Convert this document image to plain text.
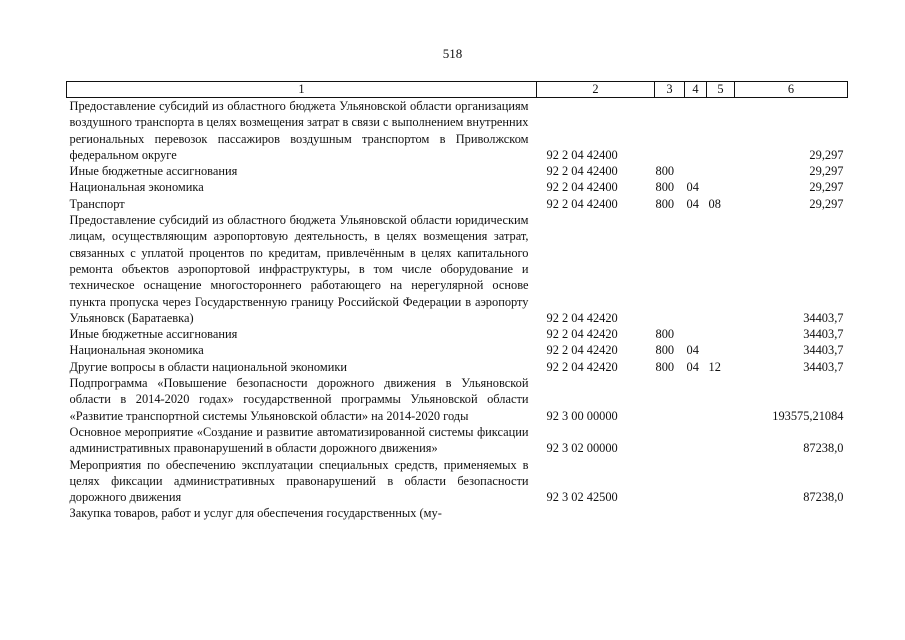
518
1	2	3	4	5	6
Предоставление субсидий из областного бюджета Ульяновской области организациям воздушного транспорта в целях возмещения затрат в связи с выполнением внутренних региональных перевозок пассажиров воздушным транспортом в Приволжском федеральном округе	92 2 04 42400				29,297
Иные бюджетные ассигнования	92 2 04 42400	800			29,297
Национальная экономика	92 2 04 42400	800	04		29,297
Транспорт	92 2 04 42400	800	04	08	29,297
Предоставление субсидий из областного бюджета Ульяновской области юридическим лицам, осуществляющим аэропортовую деятельность, в целях возмещения затрат, связанных с уплатой процентов по кредитам, привлечённым в целях капитального ремонта объектов аэропортовой инфраструктуры, в том числе оборудование и техническое оснащение многостороннего работающего на нерегулярной основе пункта пропуска через Государственную границу Российской Федерации в аэропорту Ульяновск (Баратаевка)	92 2 04 42420				34403,7
Иные бюджетные ассигнования	92 2 04 42420	800			34403,7
Национальная экономика	92 2 04 42420	800	04		34403,7
Другие вопросы в области национальной экономики	92 2 04 42420	800	04	12	34403,7
Подпрограмма «Повышение безопасности дорожного движения в Ульяновской области в 2014-2020 годах» государственной программы Ульяновской области «Развитие транспортной системы Ульяновской области» на 2014-2020 годы	92 3 00 00000				193575,21084
Основное мероприятие «Создание и развитие автоматизированной системы фиксации административных правонарушений в области дорожного движения»	92 3 02 00000				87238,0
Мероприятия по обеспечению эксплуатации специальных средств, применяемых в целях фиксации административных правонарушений в области безопасности дорожного движения	92 3 02 42500				87238,0
Закупка товаров, работ и услуг для обеспечения государственных (му-					
